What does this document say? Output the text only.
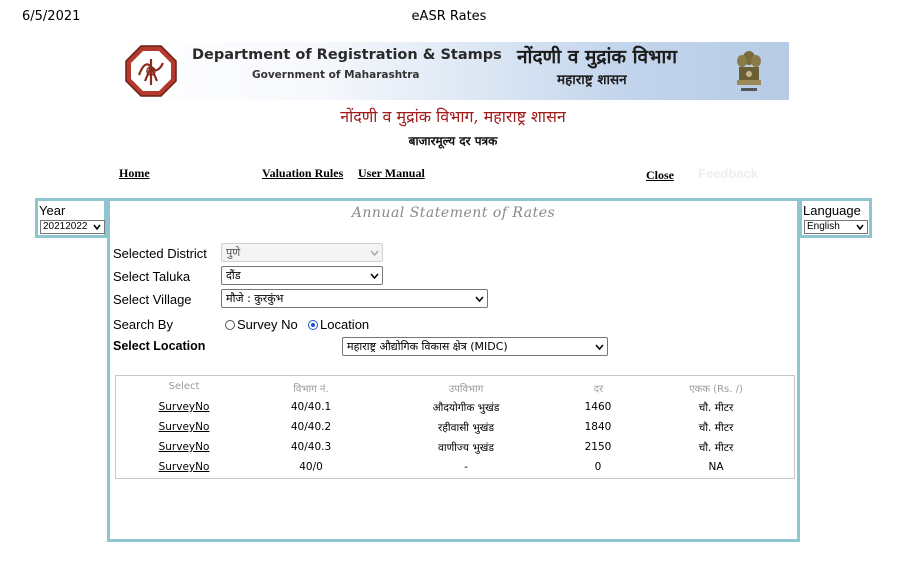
6/5/2021	eASR Rates
Department of Registration & Stamps
Government of Maharashtra
नोंदणी व मुद्रांक विभाग
महाराष्ट्र शासन
नोंदणी व मुद्रांक विभाग, महाराष्ट्र शासन
बाजारमूल्य दर पत्रक
Home	Valuation Rules User Manual	Close Feedback
Year
20212022
Language
English
Annual Statement of Rates
Selected District	पुणे
Select Taluka	दौंड
Select Village	मौजे : कुरकुंभ
Search By	Survey No Location
Select Location	महाराष्ट्र औद्योगिक विकास क्षेत्र (MIDC)
Select	विभाग नं.	उपविभाग	दर	एकक (Rs. /)
SurveyNo	40/40.1	औदयोगीक भुखंड	1460	चौ. मीटर
SurveyNo	40/40.2	रहीवासी भुखंड	1840	चौ. मीटर
SurveyNo	40/40.3	वाणीज्य भुखंड	2150	चौ. मीटर
SurveyNo	40/0	-	0	NA
